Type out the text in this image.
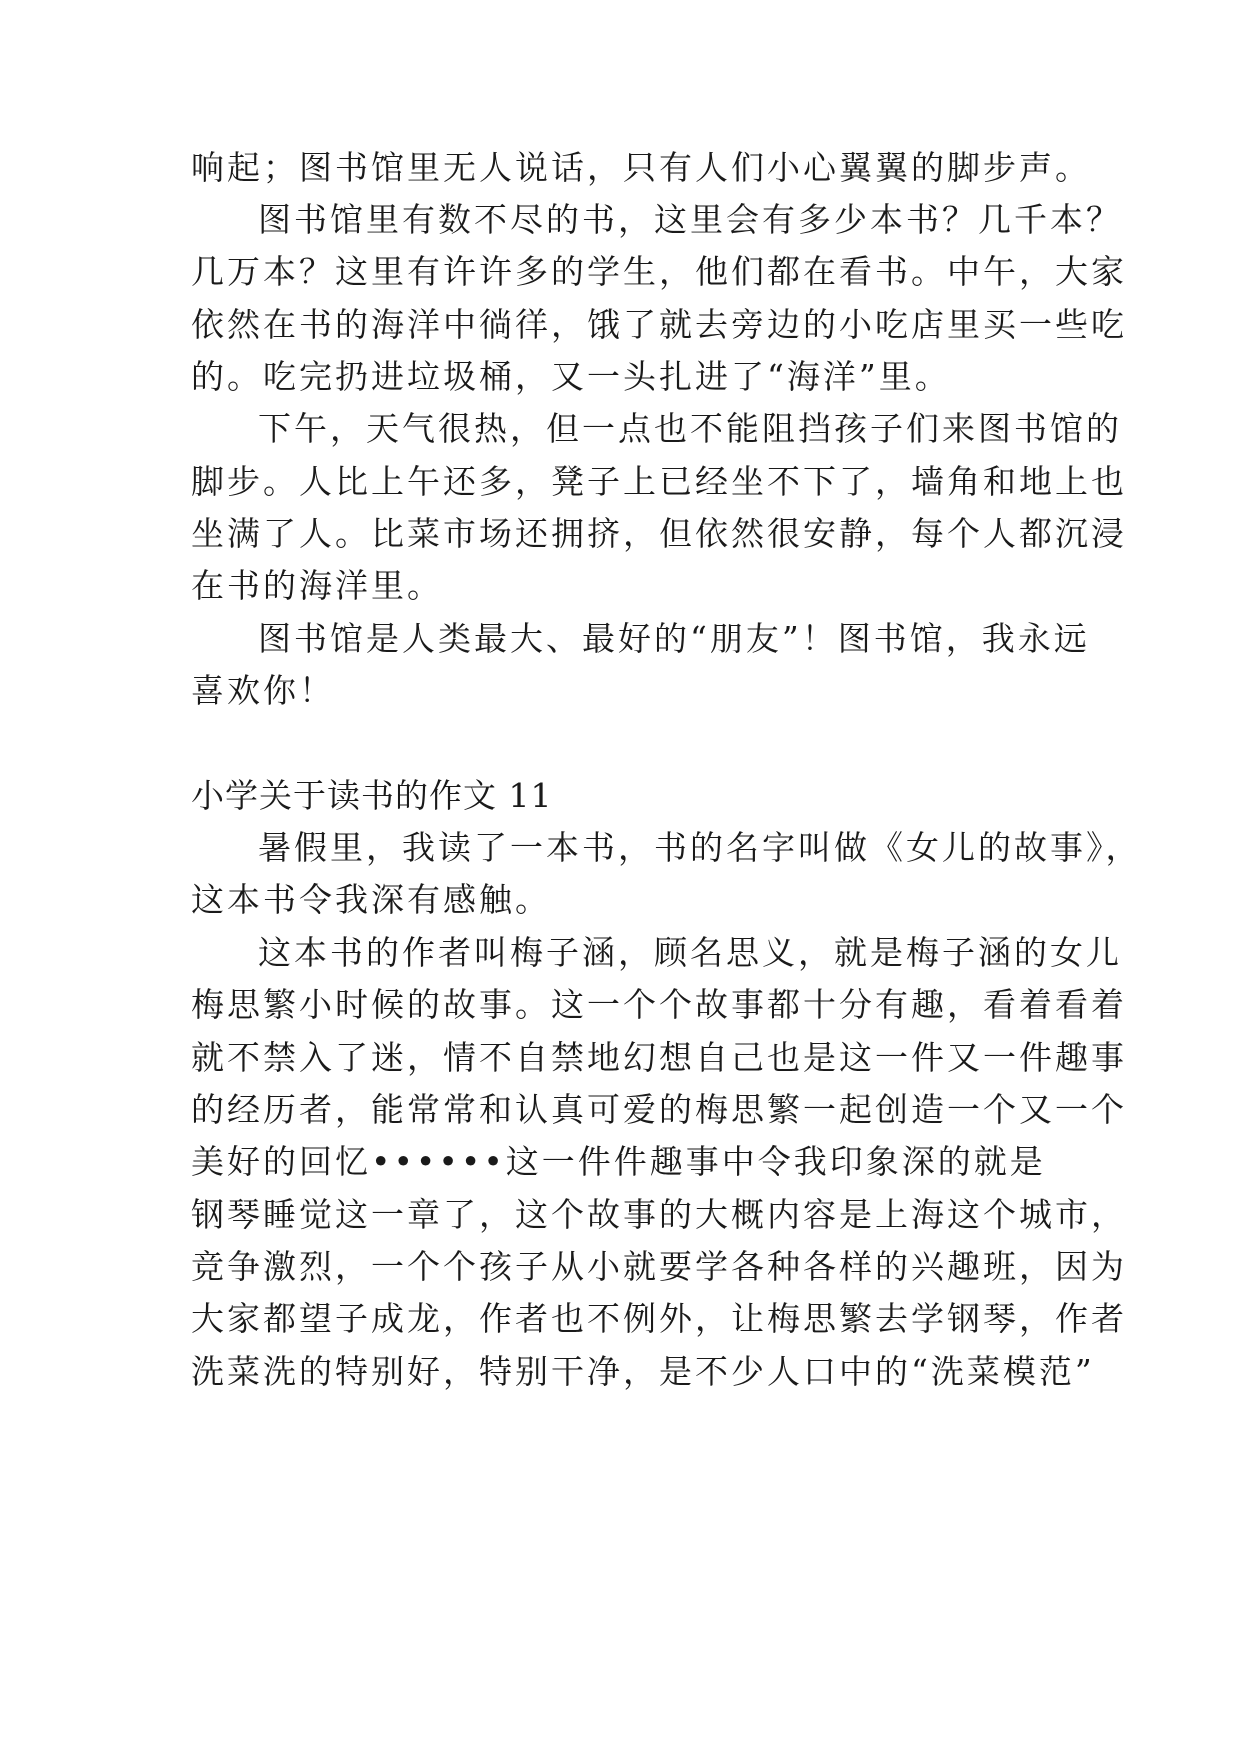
响起；图书馆里无人说话，只有人们小心翼翼的脚步声。
图书馆里有数不尽的书，这里会有多少本书？几千本？
几万本？这里有许许多的学生，他们都在看书。中午，大家
依然在书的海洋中徜徉，饿了就去旁边的小吃店里买一些吃
的。吃完扔进垃圾桶，又一头扎进了“海洋”里。
下午，天气很热，但一点也不能阻挡孩子们来图书馆的
脚步。人比上午还多，凳子上已经坐不下了，墙角和地上也
坐满了人。比菜市场还拥挤，但依然很安静，每个人都沉浸
在书的海洋里。
图书馆是人类最大、最好的“朋友”！图书馆，我永远
喜欢你！
小学关于读书的作文 11
暑假里，我读了一本书，书的名字叫做《女儿的故事》，
这本书令我深有感触。
这本书的作者叫梅子涵，顾名思义，就是梅子涵的女儿
梅思繁小时候的故事。这一个个故事都十分有趣，看着看着
就不禁入了迷，情不自禁地幻想自己也是这一件又一件趣事
的经历者，能常常和认真可爱的梅思繁一起创造一个又一个
美好的回忆••••••这一件件趣事中令我印象深的就是
钢琴睡觉这一章了，这个故事的大概内容是上海这个城市，
竞争激烈，一个个孩子从小就要学各种各样的兴趣班，因为
大家都望子成龙，作者也不例外，让梅思繁去学钢琴，作者
洗菜洗的特别好，特别干净，是不少人口中的“洗菜模范”
